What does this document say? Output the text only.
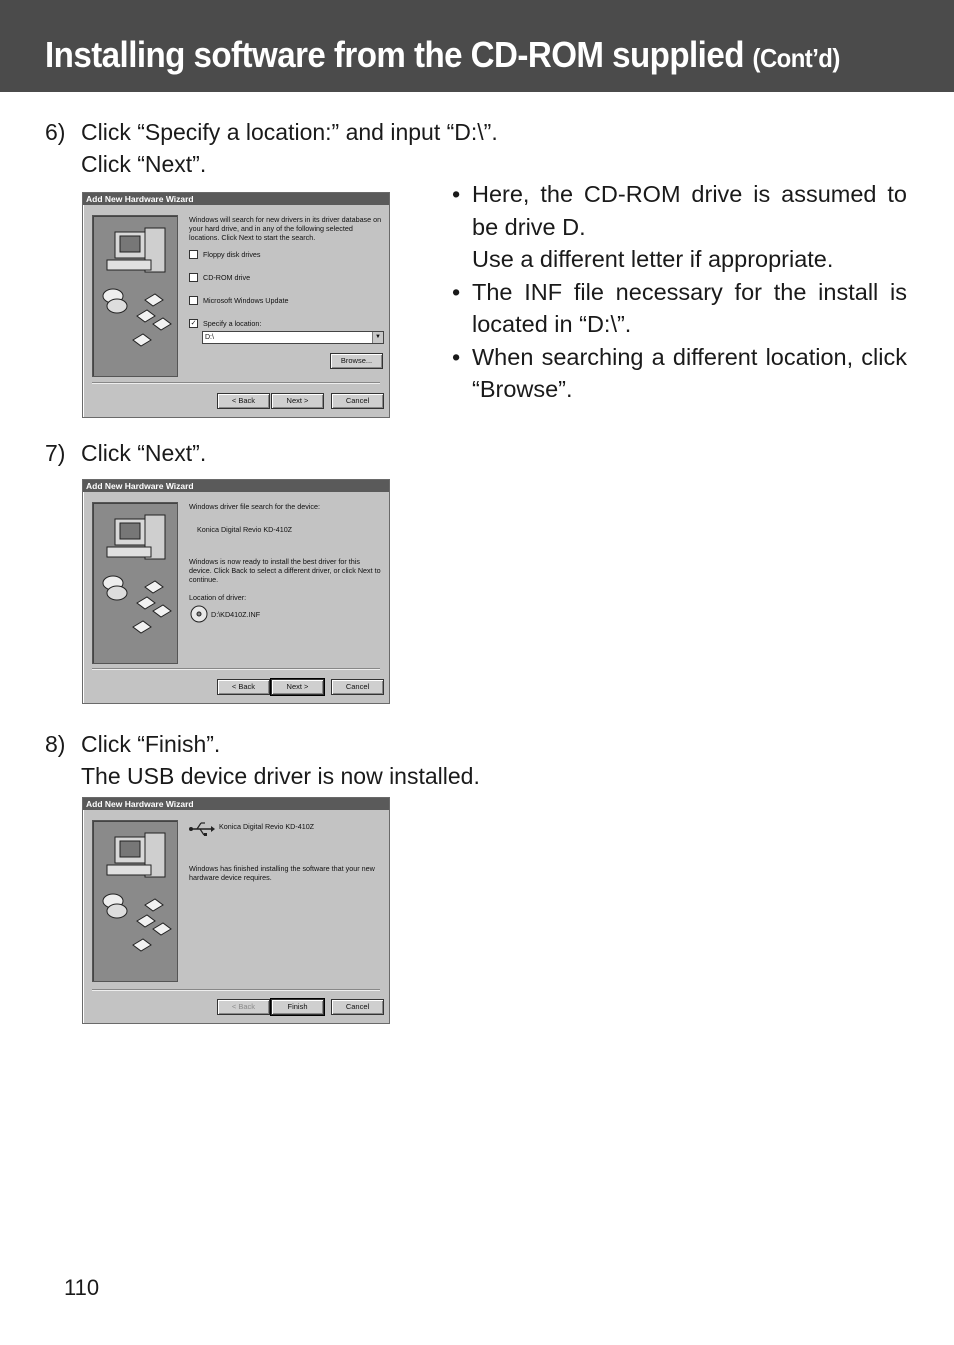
Installing software from the CD-ROM supplied (Cont’d)
6) Click “Specify a location:” and input “D:\”.
Click “Next”.
• Here, the CD-ROM drive is assumed to be drive D.
Use a different letter if appropriate.
• The INF file necessary for the install is located in “D:\”.
• When searching a different location, click “Browse”.
Add New Hardware Wizard
Windows will search for new drivers in its driver database on your hard drive, and in any of the following selected locations. Click Next to start the search.
Floppy disk drives
CD-ROM drive
Microsoft Windows Update
✓ Specify a location:
D:\	▼
Browse...
< Back	Next >	Cancel
7) Click “Next”.
Add New Hardware Wizard
Windows driver file search for the device:
Konica Digital Revio KD-410Z
Windows is now ready to install the best driver for this device. Click Back to select a different driver, or click Next to continue.
Location of driver:
D:\KD410Z.INF
< Back	Next >	Cancel
8) Click “Finish”.
The USB device driver is now installed.
Add New Hardware Wizard
Konica Digital Revio KD-410Z
Windows has finished installing the software that your new hardware device requires.
< Back	Finish	Cancel
110
